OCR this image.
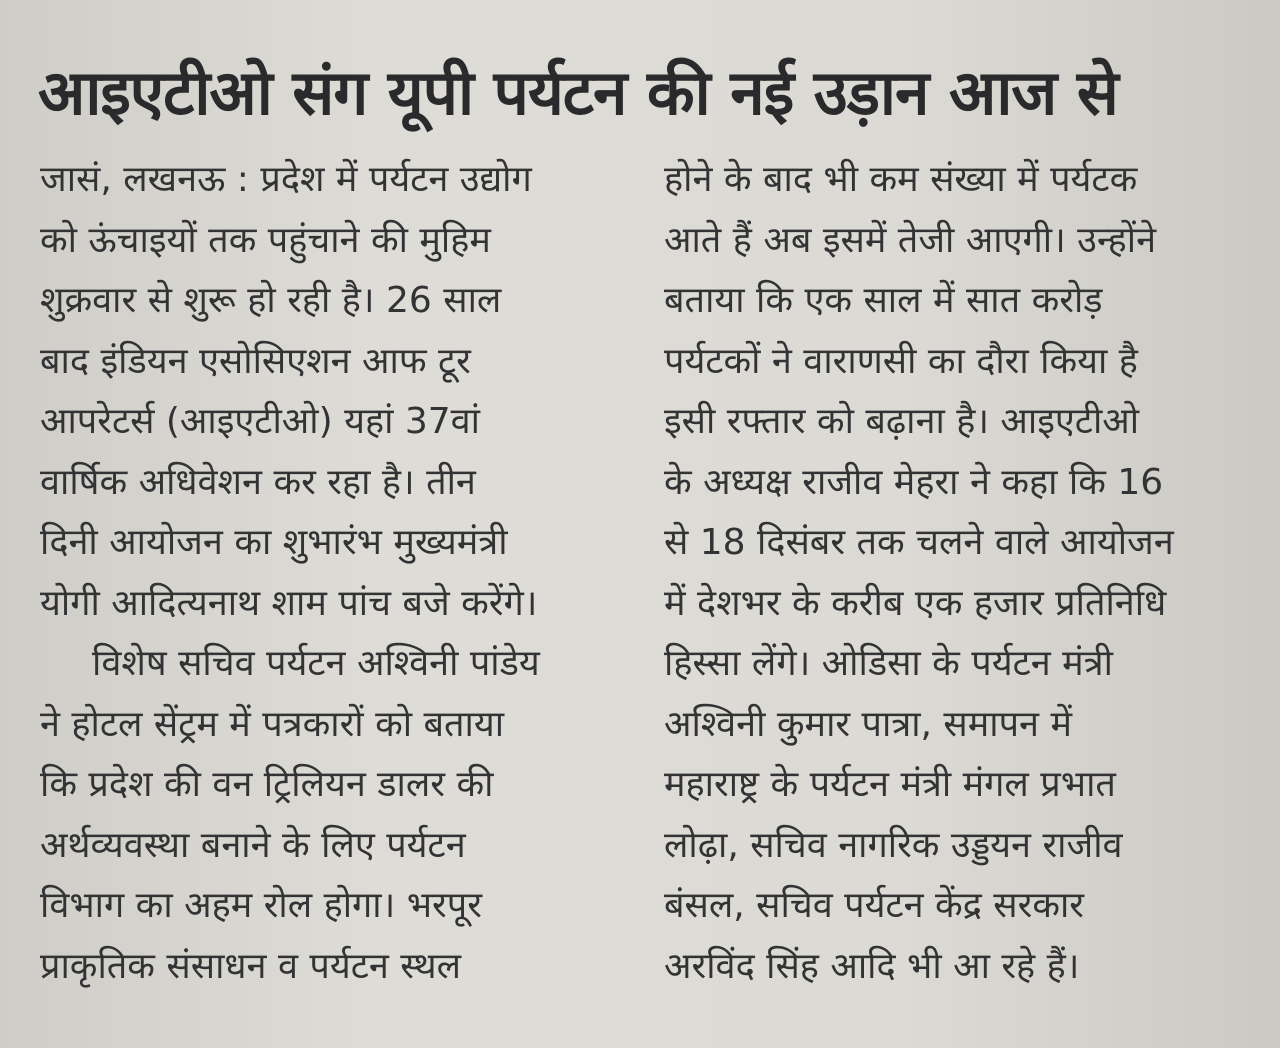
आइएटीओ संग यूपी पर्यटन की नई उड़ान आज से
जासं, लखनऊ : प्रदेश में पर्यटन उद्योग
को ऊंचाइयों तक पहुंचाने की मुहिम
शुक्रवार से शुरू हो रही है। 26 साल
बाद इंडियन एसोसिएशन आफ टूर
आपरेटर्स (आइएटीओ) यहां 37वां
वार्षिक अधिवेशन कर रहा है। तीन
दिनी आयोजन का शुभारंभ मुख्यमंत्री
योगी आदित्यनाथ शाम पांच बजे करेंगे।
विशेष सचिव पर्यटन अश्विनी पांडेय
ने होटल सेंट्रम में पत्रकारों को बताया
कि प्रदेश की वन ट्रिलियन डालर की
अर्थव्यवस्था बनाने के लिए पर्यटन
विभाग का अहम रोल होगा। भरपूर
प्राकृतिक संसाधन व पर्यटन स्थल
होने के बाद भी कम संख्या में पर्यटक
आते हैं अब इसमें तेजी आएगी। उन्होंने
बताया कि एक साल में सात करोड़
पर्यटकों ने वाराणसी का दौरा किया है
इसी रफ्तार को बढ़ाना है। आइएटीओ
के अध्यक्ष राजीव मेहरा ने कहा कि 16
से 18 दिसंबर तक चलने वाले आयोजन
में देशभर के करीब एक हजार प्रतिनिधि
हिस्सा लेंगे। ओडिसा के पर्यटन मंत्री
अश्विनी कुमार पात्रा, समापन में
महाराष्ट्र के पर्यटन मंत्री मंगल प्रभात
लोढ़ा, सचिव नागरिक उड्डयन राजीव
बंसल, सचिव पर्यटन केंद्र सरकार
अरविंद सिंह आदि भी आ रहे हैं।
